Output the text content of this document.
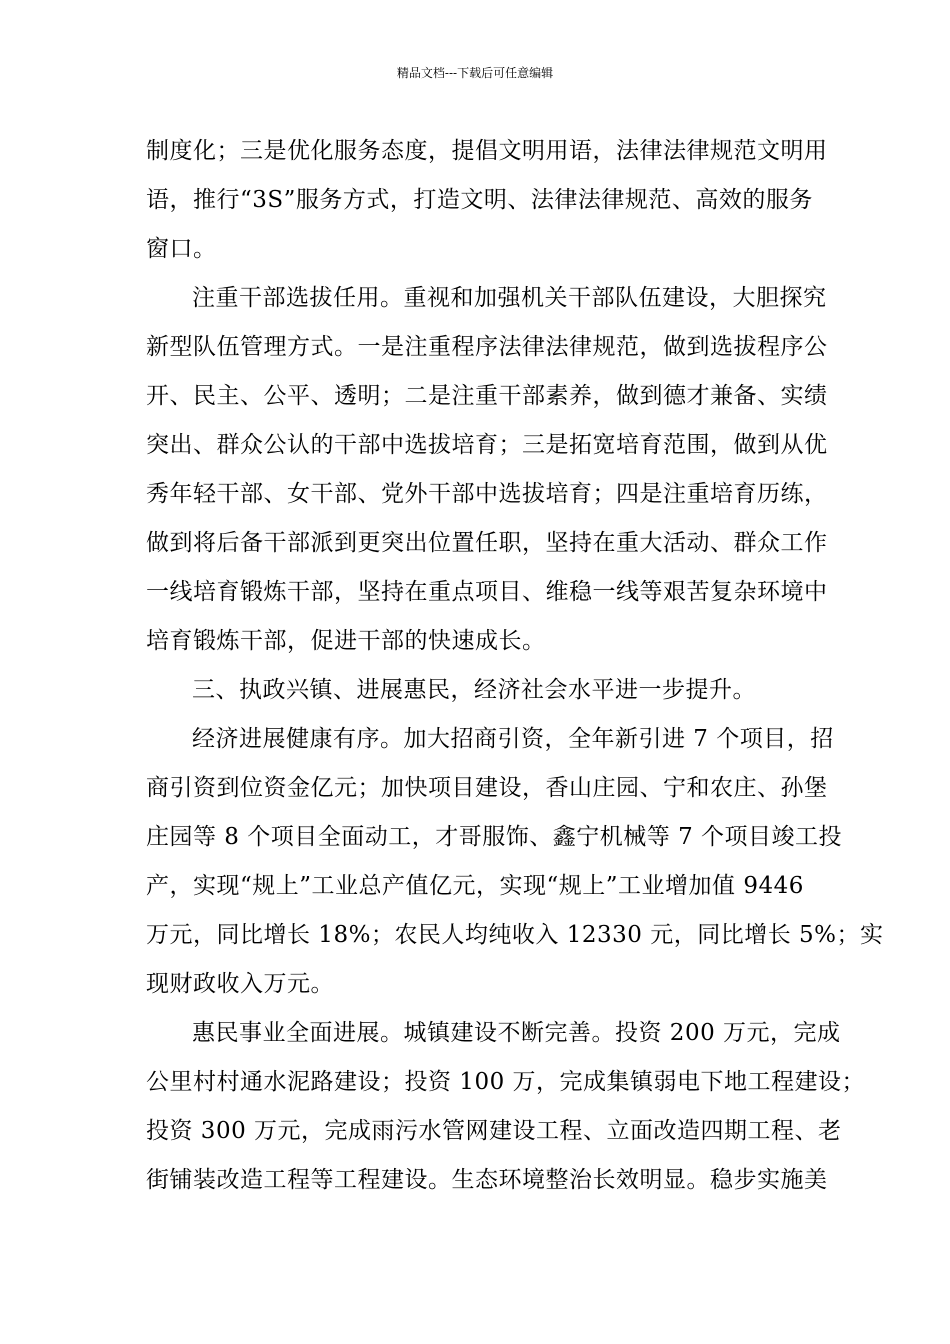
精品文档---下载后可任意编辑
制度化；三是优化服务态度，提倡文明用语，法律法律规范文明用
语，推行“3S”服务方式，打造文明、法律法律规范、高效的服务
窗口。
注重干部选拔任用。重视和加强机关干部队伍建设，大胆探究
新型队伍管理方式。一是注重程序法律法律规范，做到选拔程序公
开、民主、公平、透明；二是注重干部素养，做到德才兼备、实绩
突出、群众公认的干部中选拔培育；三是拓宽培育范围，做到从优
秀年轻干部、女干部、党外干部中选拔培育；四是注重培育历练，
做到将后备干部派到更突出位置任职，坚持在重大活动、群众工作
一线培育锻炼干部，坚持在重点项目、维稳一线等艰苦复杂环境中
培育锻炼干部，促进干部的快速成长。
三、执政兴镇、进展惠民，经济社会水平进一步提升。
经济进展健康有序。加大招商引资，全年新引进 7 个项目，招
商引资到位资金亿元；加快项目建设，香山庄园、宁和农庄、孙堡
庄园等 8 个项目全面动工，才哥服饰、鑫宁机械等 7 个项目竣工投
产，实现“规上”工业总产值亿元，实现“规上”工业增加值 9446
万元，同比增长 18%；农民人均纯收入 12330 元，同比增长 5%；实
现财政收入万元。
惠民事业全面进展。城镇建设不断完善。投资 200 万元，完成
公里村村通水泥路建设；投资 100 万，完成集镇弱电下地工程建设；
投资 300 万元，完成雨污水管网建设工程、立面改造四期工程、老
街铺装改造工程等工程建设。生态环境整治长效明显。稳步实施美
